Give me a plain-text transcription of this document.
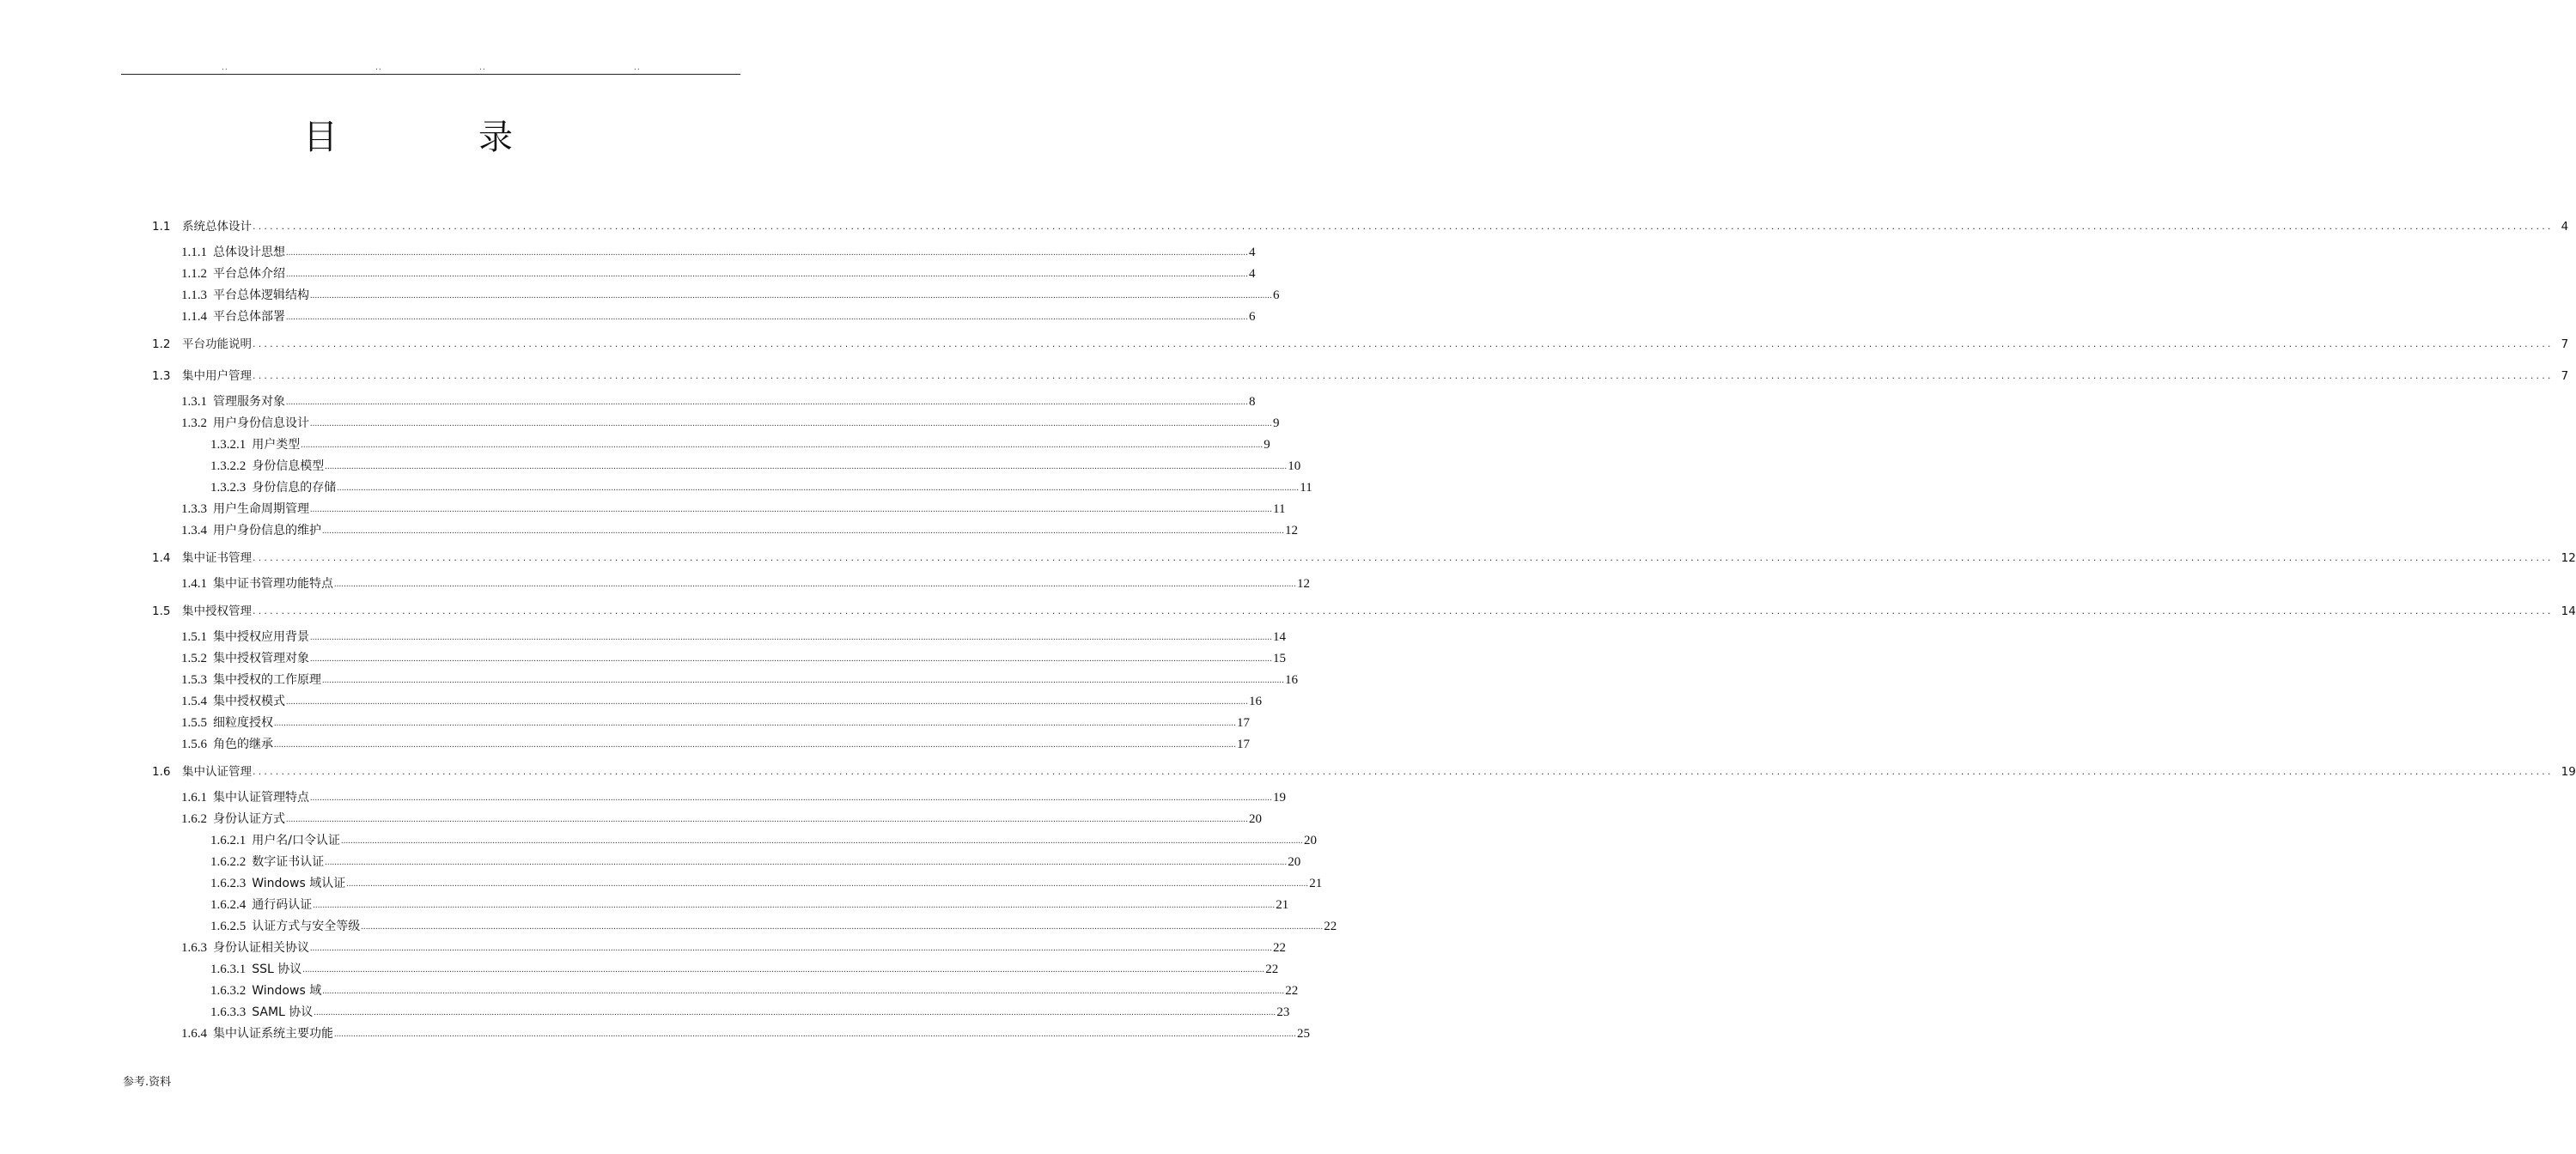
..	..	..	..
目　录
1.1	系统总体设计 ................................................................................................................................................................................................................................................................................................................................................................................................................ 4
1.1.1 总体设计思想 ................................................................................................................................................................................................................................................................................................................................................................................................................ 4
1.1.2 平台总体介绍 ................................................................................................................................................................................................................................................................................................................................................................................................................ 4
1.1.3 平台总体逻辑结构 ................................................................................................................................................................................................................................................................................................................................................................................................................ 6
1.1.4 平台总体部署 ................................................................................................................................................................................................................................................................................................................................................................................................................ 6
1.2	平台功能说明 ................................................................................................................................................................................................................................................................................................................................................................................................................ 7
1.3	集中用户管理 ................................................................................................................................................................................................................................................................................................................................................................................................................ 7
1.3.1 管理服务对象 ................................................................................................................................................................................................................................................................................................................................................................................................................ 8
1.3.2 用户身份信息设计 ................................................................................................................................................................................................................................................................................................................................................................................................................ 9
1.3.2.1 用户类型 ................................................................................................................................................................................................................................................................................................................................................................................................................ 9
1.3.2.2 身份信息模型 ................................................................................................................................................................................................................................................................................................................................................................................................................ 10
1.3.2.3 身份信息的存储 ................................................................................................................................................................................................................................................................................................................................................................................................................ 11
1.3.3 用户生命周期管理 ................................................................................................................................................................................................................................................................................................................................................................................................................ 11
1.3.4 用户身份信息的维护 ................................................................................................................................................................................................................................................................................................................................................................................................................ 12
1.4	集中证书管理 ................................................................................................................................................................................................................................................................................................................................................................................................................ 12
1.4.1 集中证书管理功能特点 ................................................................................................................................................................................................................................................................................................................................................................................................................ 12
1.5	集中授权管理 ................................................................................................................................................................................................................................................................................................................................................................................................................ 14
1.5.1 集中授权应用背景 ................................................................................................................................................................................................................................................................................................................................................................................................................ 14
1.5.2 集中授权管理对象 ................................................................................................................................................................................................................................................................................................................................................................................................................ 15
1.5.3 集中授权的工作原理 ................................................................................................................................................................................................................................................................................................................................................................................................................ 16
1.5.4 集中授权模式 ................................................................................................................................................................................................................................................................................................................................................................................................................ 16
1.5.5 细粒度授权 ................................................................................................................................................................................................................................................................................................................................................................................................................ 17
1.5.6 角色的继承 ................................................................................................................................................................................................................................................................................................................................................................................................................ 17
1.6	集中认证管理 ................................................................................................................................................................................................................................................................................................................................................................................................................ 19
1.6.1 集中认证管理特点 ................................................................................................................................................................................................................................................................................................................................................................................................................ 19
1.6.2 身份认证方式 ................................................................................................................................................................................................................................................................................................................................................................................................................ 20
1.6.2.1 用户名/口令认证 ................................................................................................................................................................................................................................................................................................................................................................................................................ 20
1.6.2.2 数字证书认证 ................................................................................................................................................................................................................................................................................................................................................................................................................ 20
1.6.2.3 Windows 域认证 ................................................................................................................................................................................................................................................................................................................................................................................................................ 21
1.6.2.4 通行码认证 ................................................................................................................................................................................................................................................................................................................................................................................................................ 21
1.6.2.5 认证方式与安全等级 ................................................................................................................................................................................................................................................................................................................................................................................................................ 22
1.6.3 身份认证相关协议 ................................................................................................................................................................................................................................................................................................................................................................................................................ 22
1.6.3.1 SSL 协议 ................................................................................................................................................................................................................................................................................................................................................................................................................ 22
1.6.3.2 Windows 域 ................................................................................................................................................................................................................................................................................................................................................................................................................ 22
1.6.3.3 SAML 协议 ................................................................................................................................................................................................................................................................................................................................................................................................................ 23
1.6.4 集中认证系统主要功能 ................................................................................................................................................................................................................................................................................................................................................................................................................ 25
参考.资料
